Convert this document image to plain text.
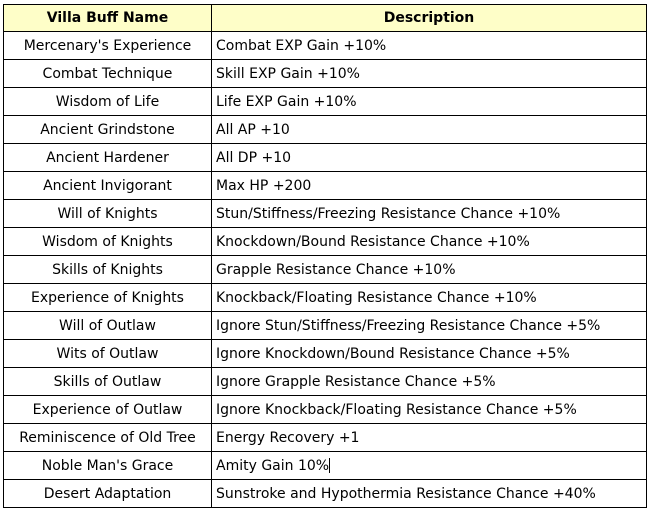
Villa Buff Name	Description
Mercenary's Experience	Combat EXP Gain +10%
Combat Technique	Skill EXP Gain +10%
Wisdom of Life	Life EXP Gain +10%
Ancient Grindstone	All AP +10
Ancient Hardener	All DP +10
Ancient Invigorant	Max HP +200
Will of Knights	Stun/Stiffness/Freezing Resistance Chance +10%
Wisdom of Knights	Knockdown/Bound Resistance Chance +10%
Skills of Knights	Grapple Resistance Chance +10%
Experience of Knights	Knockback/Floating Resistance Chance +10%
Will of Outlaw	Ignore Stun/Stiffness/Freezing Resistance Chance +5%
Wits of Outlaw	Ignore Knockdown/Bound Resistance Chance +5%
Skills of Outlaw	Ignore Grapple Resistance Chance +5%
Experience of Outlaw	Ignore Knockback/Floating Resistance Chance +5%
Reminiscence of Old Tree	Energy Recovery +1
Noble Man's Grace	Amity Gain 10%
Desert Adaptation	Sunstroke and Hypothermia Resistance Chance +40%
